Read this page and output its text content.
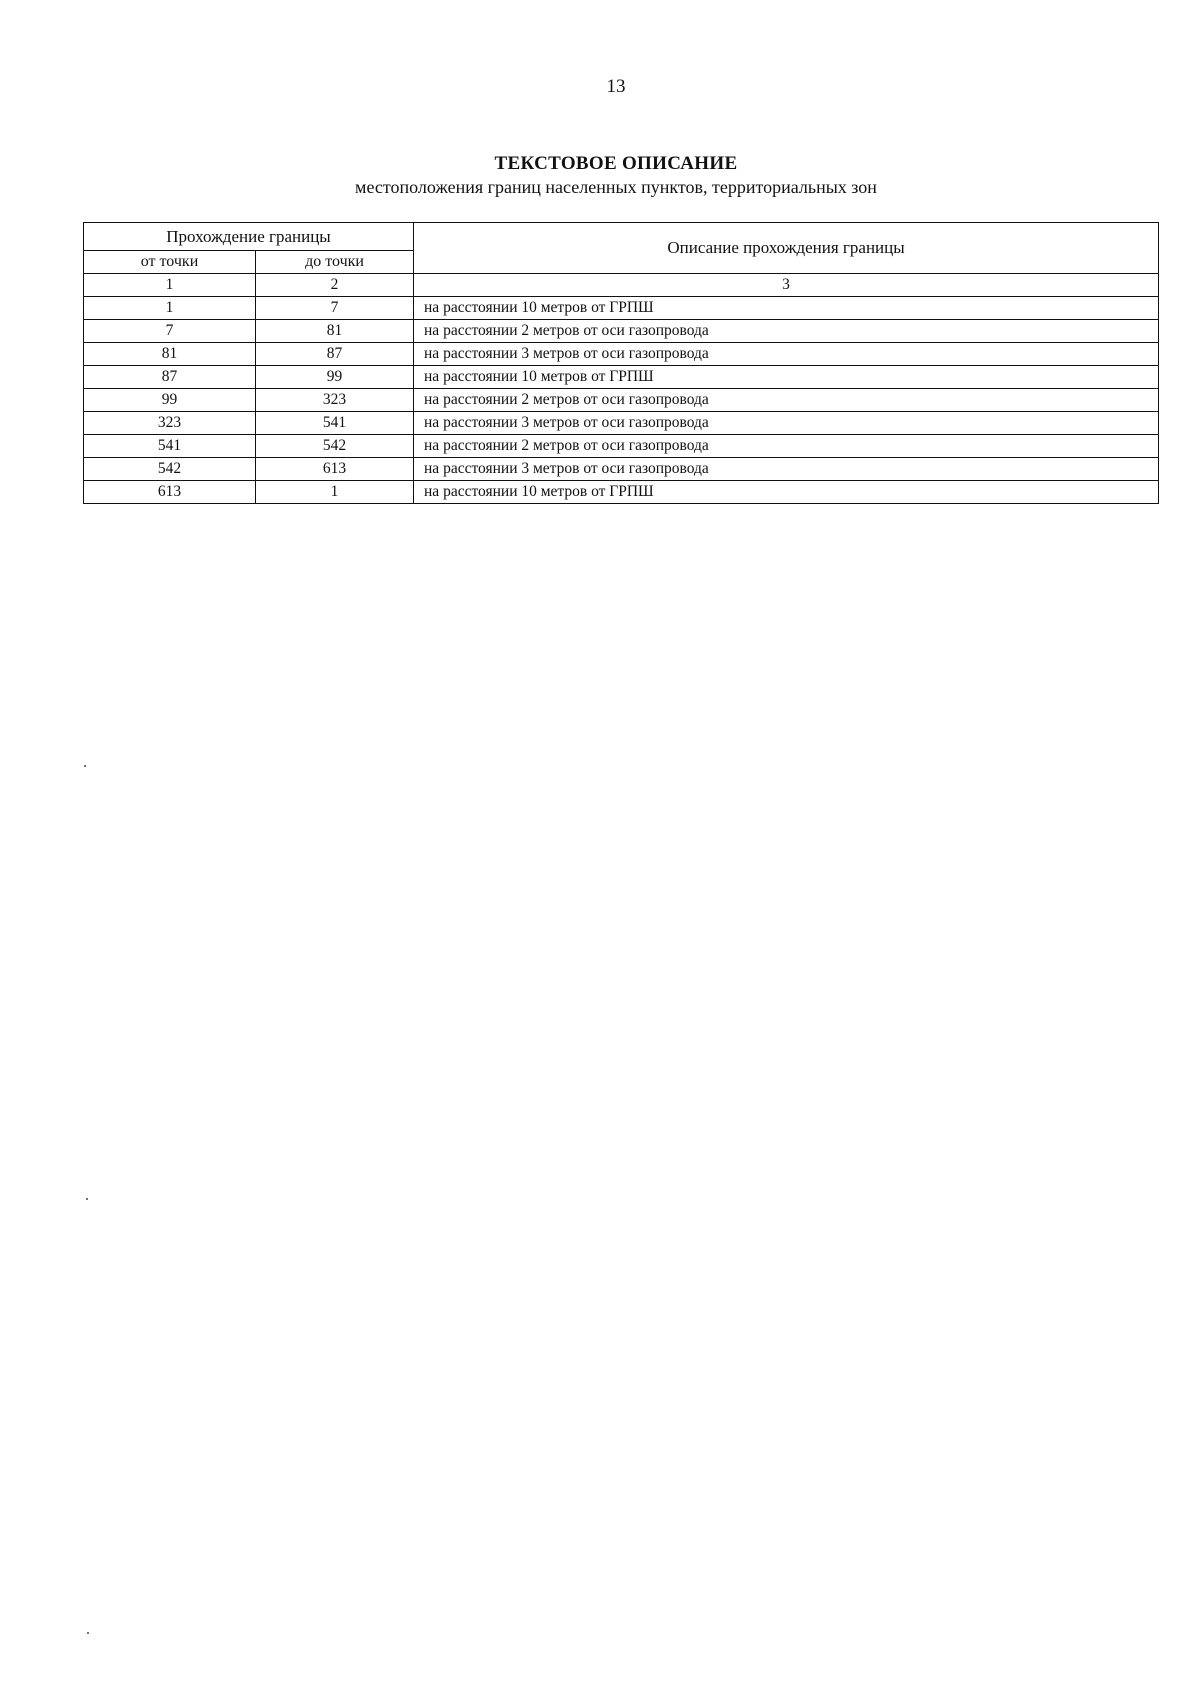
13
ТЕКСТОВОЕ ОПИСАНИЕ
местоположения границ населенных пунктов, территориальных зон
Прохождение границы		Описание прохождения границы
от точки	до точки	
1	2	3
1	7	на расстоянии 10 метров от ГРПШ
7	81	на расстоянии 2 метров от оси газопровода
81	87	на расстоянии 3 метров от оси газопровода
87	99	на расстоянии 10 метров от ГРПШ
99	323	на расстоянии 2 метров от оси газопровода
323	541	на расстоянии 3 метров от оси газопровода
541	542	на расстоянии 2 метров от оси газопровода
542	613	на расстоянии 3 метров от оси газопровода
613	1	на расстоянии 10 метров от ГРПШ
